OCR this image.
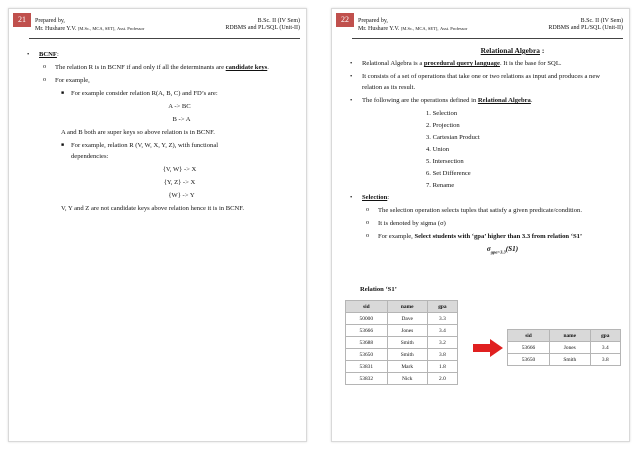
21	Prepared by,
Mr. Hushare Y.V. [M.Sc., MCA, SET], Asst. Professor
B.Sc. II (IV Sem)
RDBMS and PL/SQL (Unit-II)
• BCNF:
o The relation R is in BCNF if and only if all the determinants are candidate keys.
o For example,
■ For example consider relation R(A, B, C) and FD’s are:
A -> BC
B -> A
A and B both are super keys so above relation is in BCNF.
■ For example, relation R (V, W, X, Y, Z), with functional dependencies:
{V, W} -> X
{Y, Z} -> X
{W} -> Y
V, Y and Z are not candidate keys above relation hence it is in BCNF.
22	Prepared by,
Mr. Hushare Y.V. [M.Sc., MCA, SET], Asst. Professor
B.Sc. II (IV Sem)
RDBMS and PL/SQL (Unit-II)
Relational Algebra :
• Relational Algebra is a procedural query language. It is the base for SQL.
• It consists of a set of operations that take one or two relations as input and produces a new relation as its result.
• The following are the operations defined in Relational Algebra.
1. Selection
2. Projection
3. Cartesian Product
4. Union
5. Intersection
6. Set Difference
7. Rename
• Selection:
o The selection operation selects tuples that satisfy a given predicate/condition.
o It is denoted by sigma (σ)
o For example, Select students with ‘gpa’ higher than 3.3 from relation ‘S1’
$\sigma_{gpa>3.3}(S1)$
Relation ‘S1’
sid	name	gpa
50000	Dave	3.3
53666	Jones	3.4
53688	Smith	3.2
53650	Smith	3.8
53831	Mark	1.8
53832	Nick	2.0
sid	name	gpa
53666	Jones	3.4
53650	Smith	3.8
